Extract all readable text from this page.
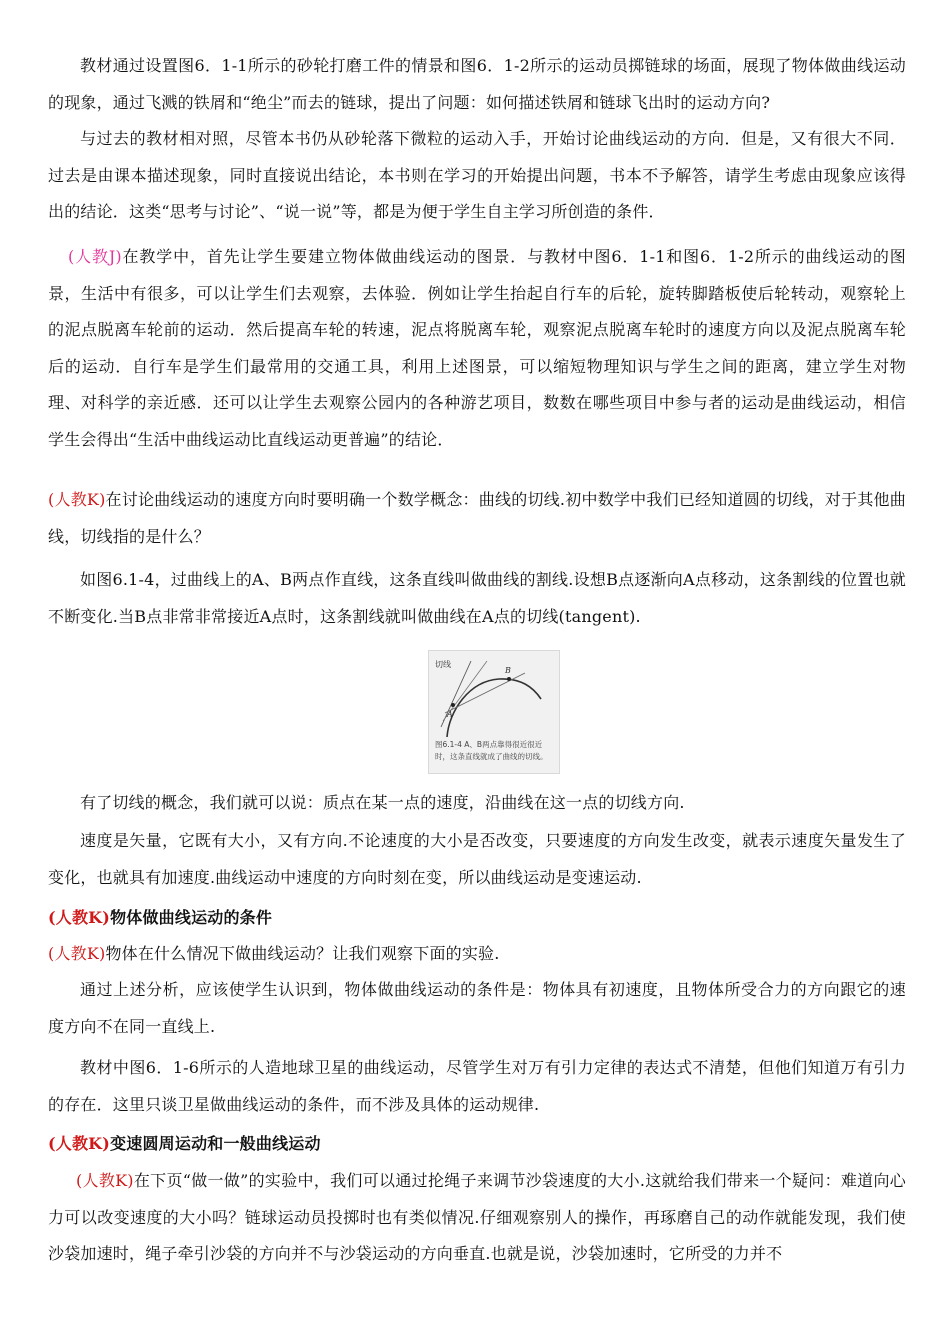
教材通过设置图6．1-1所示的砂轮打磨工件的情景和图6．1-2所示的运动员掷链球的场面，展现了物体做曲线运动的现象，通过飞溅的铁屑和“绝尘”而去的链球，提出了问题：如何描述铁屑和链球飞出时的运动方向?

与过去的教材相对照，尽管本书仍从砂轮落下微粒的运动入手，开始讨论曲线运动的方向．但是，又有很大不同．过去是由课本描述现象，同时直接说出结论，本书则在学习的开始提出问题，书本不予解答，请学生考虑由现象应该得出的结论．这类“思考与讨论”、“说一说”等，都是为便于学生自主学习所创造的条件．

(人教J)在教学中，首先让学生要建立物体做曲线运动的图景．与教材中图6．1-1和图6．1-2所示的曲线运动的图景，生活中有很多，可以让学生们去观察，去体验．例如让学生抬起自行车的后轮，旋转脚踏板使后轮转动，观察轮上的泥点脱离车轮前的运动．然后提高车轮的转速，泥点将脱离车轮，观察泥点脱离车轮时的速度方向以及泥点脱离车轮后的运动．自行车是学生们最常用的交通工具，利用上述图景，可以缩短物理知识与学生之间的距离，建立学生对物理、对科学的亲近感．还可以让学生去观察公园内的各种游艺项目，数数在哪些项目中参与者的运动是曲线运动，相信学生会得出“生活中曲线运动比直线运动更普遍”的结论．

(人教K)在讨论曲线运动的速度方向时要明确一个数学概念：曲线的切线.初中数学中我们已经知道圆的切线，对于其他曲线，切线指的是什么？

如图6.1-4，过曲线上的A、B两点作直线，这条直线叫做曲线的割线.设想B点逐渐向A点移动，这条割线的位置也就不断变化.当B点非常非常接近A点时，这条割线就叫做曲线在A点的切线(tangent).

切线
A
B
图6.1-4 A、B两点靠得很近很近时，这条直线就成了曲线的切线。

有了切线的概念，我们就可以说：质点在某一点的速度，沿曲线在这一点的切线方向.

速度是矢量，它既有大小，又有方向.不论速度的大小是否改变，只要速度的方向发生改变，就表示速度矢量发生了变化，也就具有加速度.曲线运动中速度的方向时刻在变，所以曲线运动是变速运动.

(人教K)物体做曲线运动的条件

(人教K)物体在什么情况下做曲线运动？让我们观察下面的实验.

通过上述分析，应该使学生认识到，物体做曲线运动的条件是：物体具有初速度，且物体所受合力的方向跟它的速度方向不在同一直线上.

教材中图6．1-6所示的人造地球卫星的曲线运动，尽管学生对万有引力定律的表达式不清楚，但他们知道万有引力的存在．这里只谈卫星做曲线运动的条件，而不涉及具体的运动规律.

(人教K)变速圆周运动和一般曲线运动

(人教K)在下页“做一做”的实验中，我们可以通过抡绳子来调节沙袋速度的大小.这就给我们带来一个疑问：难道向心力可以改变速度的大小吗？链球运动员投掷时也有类似情况.仔细观察别人的操作，再琢磨自己的动作就能发现，我们使沙袋加速时，绳子牵引沙袋的方向并不与沙袋运动的方向垂直.也就是说，沙袋加速时，它所受的力并不
